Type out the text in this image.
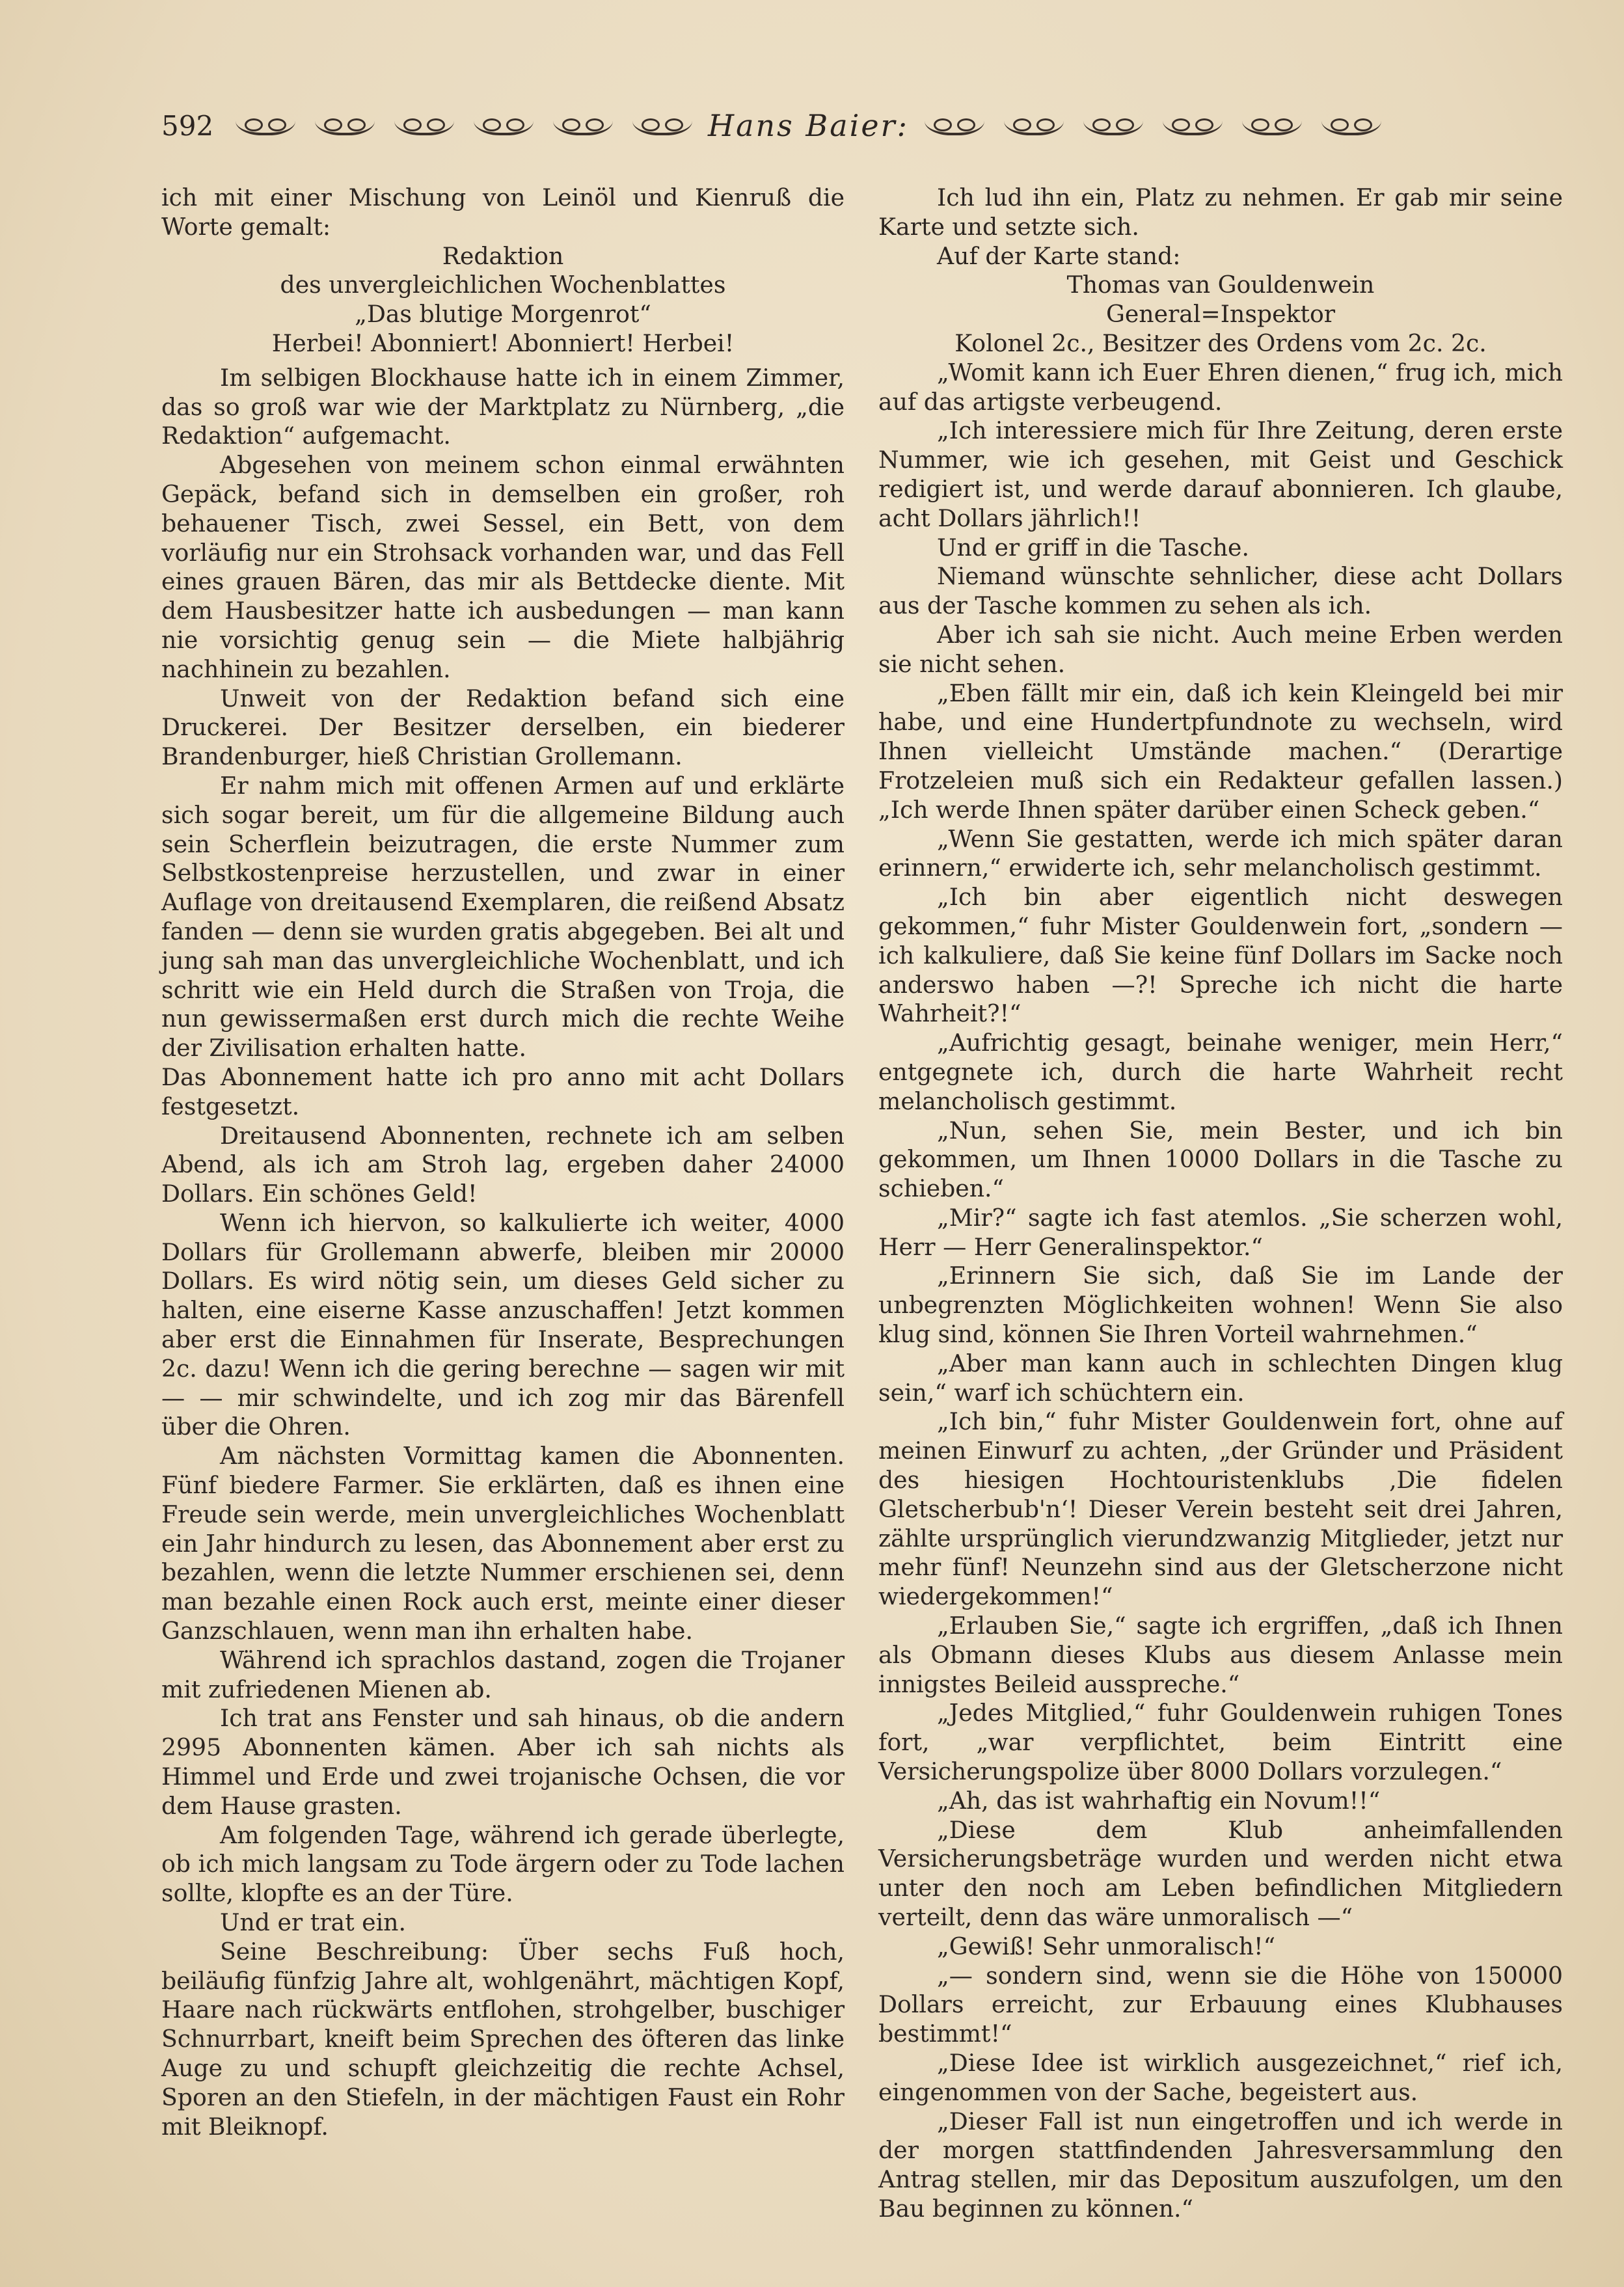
592	Hans Baier:

ich mit einer Mischung von Leinöl und Kienruß die Worte gemalt:

Redaktion

des unvergleichlichen Wochenblattes

„Das blutige Morgenrot“

Herbei! Abonniert! Abonniert! Herbei!

Im selbigen Blockhause hatte ich in einem Zimmer, das so groß war wie der Marktplatz zu Nürnberg, „die Redaktion“ aufgemacht.

Abgesehen von meinem schon einmal erwähnten Gepäck, befand sich in demselben ein großer, roh behauener Tisch, zwei Sessel, ein Bett, von dem vorläufig nur ein Strohsack vorhanden war, und das Fell eines grauen Bären, das mir als Bettdecke diente. Mit dem Hausbesitzer hatte ich ausbedungen — man kann nie vorsichtig genug sein — die Miete halbjährig nachhinein zu bezahlen.

Unweit von der Redaktion befand sich eine Druckerei. Der Besitzer derselben, ein biederer Brandenburger, hieß Christian Grollemann.

Er nahm mich mit offenen Armen auf und erklärte sich sogar bereit, um für die allgemeine Bildung auch sein Scherflein beizutragen, die erste Nummer zum Selbstkostenpreise herzustellen, und zwar in einer Auflage von dreitausend Exemplaren, die reißend Absatz fanden — denn sie wurden gratis abgegeben. Bei alt und jung sah man das unvergleichliche Wochenblatt, und ich schritt wie ein Held durch die Straßen von Troja, die nun gewissermaßen erst durch mich die rechte Weihe der Zivilisation erhalten hatte.

Das Abonnement hatte ich pro anno mit acht Dollars festgesetzt.

Dreitausend Abonnenten, rechnete ich am selben Abend, als ich am Stroh lag, ergeben daher 24000 Dollars. Ein schönes Geld!

Wenn ich hiervon, so kalkulierte ich weiter, 4000 Dollars für Grollemann abwerfe, bleiben mir 20000 Dollars. Es wird nötig sein, um dieses Geld sicher zu halten, eine eiserne Kasse anzuschaffen! Jetzt kommen aber erst die Einnahmen für Inserate, Besprechungen 2c. dazu! Wenn ich die gering berechne — sagen wir mit — — mir schwindelte, und ich zog mir das Bärenfell über die Ohren.

Am nächsten Vormittag kamen die Abonnenten. Fünf biedere Farmer. Sie erklärten, daß es ihnen eine Freude sein werde, mein unvergleichliches Wochenblatt ein Jahr hindurch zu lesen, das Abonnement aber erst zu bezahlen, wenn die letzte Nummer erschienen sei, denn man bezahle einen Rock auch erst, meinte einer dieser Ganzschlauen, wenn man ihn erhalten habe.

Während ich sprachlos dastand, zogen die Trojaner mit zufriedenen Mienen ab.

Ich trat ans Fenster und sah hinaus, ob die andern 2995 Abonnenten kämen. Aber ich sah nichts als Himmel und Erde und zwei trojanische Ochsen, die vor dem Hause grasten.

Am folgenden Tage, während ich gerade überlegte, ob ich mich langsam zu Tode ärgern oder zu Tode lachen sollte, klopfte es an der Türe.

Und er trat ein.

Seine Beschreibung: Über sechs Fuß hoch, beiläufig fünfzig Jahre alt, wohlgenährt, mächtigen Kopf, Haare nach rückwärts entflohen, strohgelber, buschiger Schnurrbart, kneift beim Sprechen des öfteren das linke Auge zu und schupft gleichzeitig die rechte Achsel, Sporen an den Stiefeln, in der mächtigen Faust ein Rohr mit Bleiknopf.

Ich lud ihn ein, Platz zu nehmen. Er gab mir seine Karte und setzte sich.

Auf der Karte stand:

Thomas van Gouldenwein

General=Inspektor

Kolonel 2c., Besitzer des Ordens vom 2c. 2c.

„Womit kann ich Euer Ehren dienen,“ frug ich, mich auf das artigste verbeugend.

„Ich interessiere mich für Ihre Zeitung, deren erste Nummer, wie ich gesehen, mit Geist und Geschick redigiert ist, und werde darauf abonnieren. Ich glaube, acht Dollars jährlich!!

Und er griff in die Tasche.

Niemand wünschte sehnlicher, diese acht Dollars aus der Tasche kommen zu sehen als ich.

Aber ich sah sie nicht. Auch meine Erben werden sie nicht sehen.

„Eben fällt mir ein, daß ich kein Kleingeld bei mir habe, und eine Hundertpfundnote zu wechseln, wird Ihnen vielleicht Umstände machen.“ (Derartige Frotzeleien muß sich ein Redakteur gefallen lassen.) „Ich werde Ihnen später darüber einen Scheck geben.“

„Wenn Sie gestatten, werde ich mich später daran erinnern,“ erwiderte ich, sehr melancholisch gestimmt.

„Ich bin aber eigentlich nicht deswegen gekommen,“ fuhr Mister Gouldenwein fort, „sondern — ich kalkuliere, daß Sie keine fünf Dollars im Sacke noch anderswo haben —?! Spreche ich nicht die harte Wahrheit?!“

„Aufrichtig gesagt, beinahe weniger, mein Herr,“ entgegnete ich, durch die harte Wahrheit recht melancholisch gestimmt.

„Nun, sehen Sie, mein Bester, und ich bin gekommen, um Ihnen 10000 Dollars in die Tasche zu schieben.“

„Mir?“ sagte ich fast atemlos. „Sie scherzen wohl, Herr — Herr Generalinspektor.“

„Erinnern Sie sich, daß Sie im Lande der unbegrenzten Möglichkeiten wohnen! Wenn Sie also klug sind, können Sie Ihren Vorteil wahrnehmen.“

„Aber man kann auch in schlechten Dingen klug sein,“ warf ich schüchtern ein.

„Ich bin,“ fuhr Mister Gouldenwein fort, ohne auf meinen Einwurf zu achten, „der Gründer und Präsident des hiesigen Hochtouristenklubs ‚Die fidelen Gletscherbub'n‘! Dieser Verein besteht seit drei Jahren, zählte ursprünglich vierundzwanzig Mitglieder, jetzt nur mehr fünf! Neunzehn sind aus der Gletscherzone nicht wiedergekommen!“

„Erlauben Sie,“ sagte ich ergriffen, „daß ich Ihnen als Obmann dieses Klubs aus diesem Anlasse mein innigstes Beileid ausspreche.“

„Jedes Mitglied,“ fuhr Gouldenwein ruhigen Tones fort, „war verpflichtet, beim Eintritt eine Versicherungspolize über 8000 Dollars vorzulegen.“

„Ah, das ist wahrhaftig ein Novum!!“

„Diese dem Klub anheimfallenden Versicherungsbeträge wurden und werden nicht etwa unter den noch am Leben befindlichen Mitgliedern verteilt, denn das wäre unmoralisch —“

„Gewiß! Sehr unmoralisch!“

„— sondern sind, wenn sie die Höhe von 150000 Dollars erreicht, zur Erbauung eines Klubhauses bestimmt!“

„Diese Idee ist wirklich ausgezeichnet,“ rief ich, eingenommen von der Sache, begeistert aus.

„Dieser Fall ist nun eingetroffen und ich werde in der morgen stattfindenden Jahresversammlung den Antrag stellen, mir das Depositum auszufolgen, um den Bau beginnen zu können.“
